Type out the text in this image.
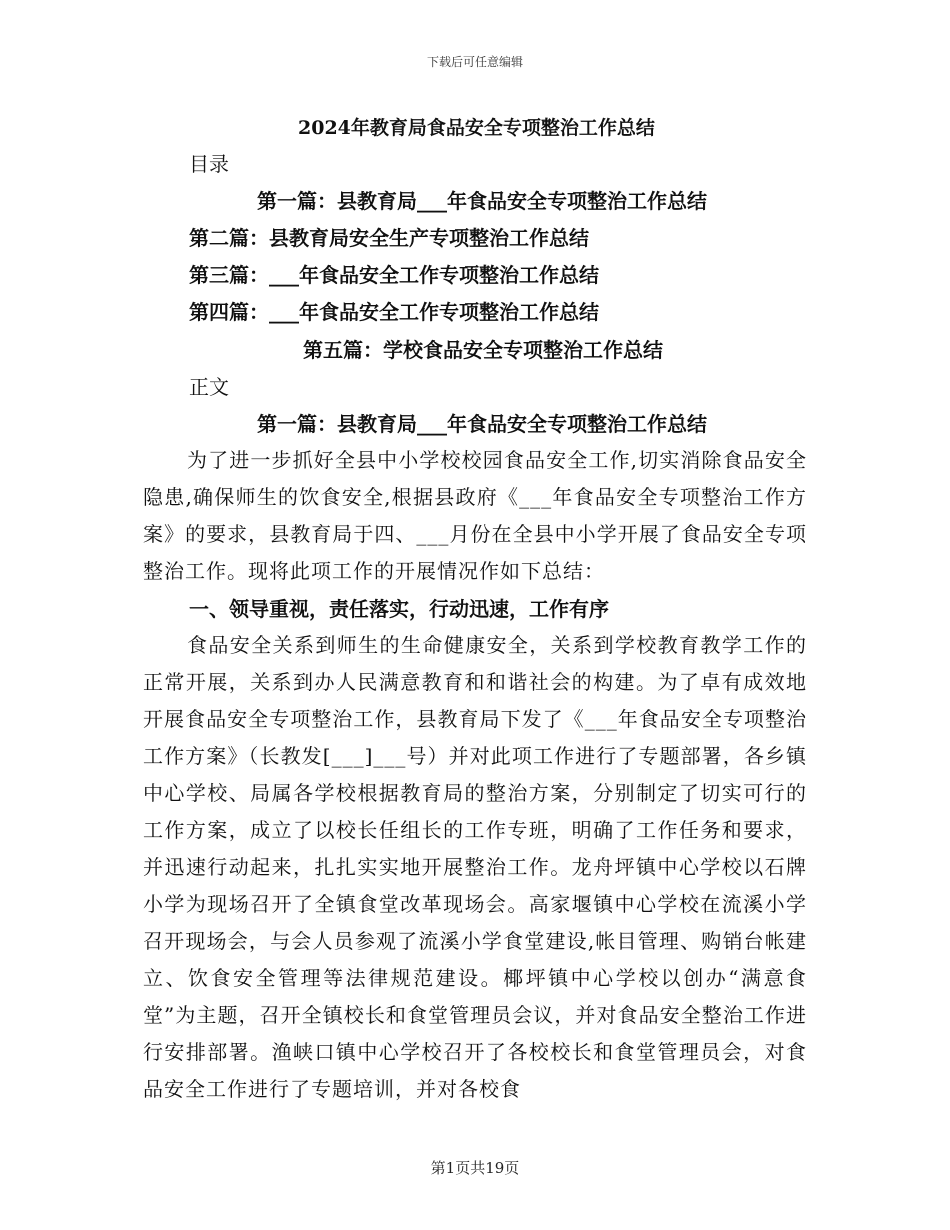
下载后可任意编辑
2024年教育局食品安全专项整治工作总结
目录
第一篇：县教育局___年食品安全专项整治工作总结
第二篇：县教育局安全生产专项整治工作总结
第三篇：___年食品安全工作专项整治工作总结
第四篇：___年食品安全工作专项整治工作总结
第五篇：学校食品安全专项整治工作总结
正文
第一篇：县教育局___年食品安全专项整治工作总结
为了进一步抓好全县中小学校校园食品安全工作,切实消除食品安全隐患,确保师生的饮食安全,根据县政府《___年食品安全专项整治工作方案》的要求，县教育局于四、___月份在全县中小学开展了食品安全专项整治工作。现将此项工作的开展情况作如下总结：
一、领导重视，责任落实，行动迅速，工作有序
食品安全关系到师生的生命健康安全，关系到学校教育教学工作的正常开展，关系到办人民满意教育和和谐社会的构建。为了卓有成效地开展食品安全专项整治工作，县教育局下发了《___年食品安全专项整治工作方案》（长教发[___]___号）并对此项工作进行了专题部署，各乡镇中心学校、局属各学校根据教育局的整治方案，分别制定了切实可行的工作方案，成立了以校长任组长的工作专班，明确了工作任务和要求，并迅速行动起来，扎扎实实地开展整治工作。龙舟坪镇中心学校以石牌小学为现场召开了全镇食堂改革现场会。高家堰镇中心学校在流溪小学召开现场会，与会人员参观了流溪小学食堂建设,帐目管理、购销台帐建立、饮食安全管理等法律规范建设。椰坪镇中心学校以创办“满意食堂”为主题，召开全镇校长和食堂管理员会议，并对食品安全整治工作进行安排部署。渔峡口镇中心学校召开了各校校长和食堂管理员会，对食品安全工作进行了专题培训，并对各校食
第1页共19页
